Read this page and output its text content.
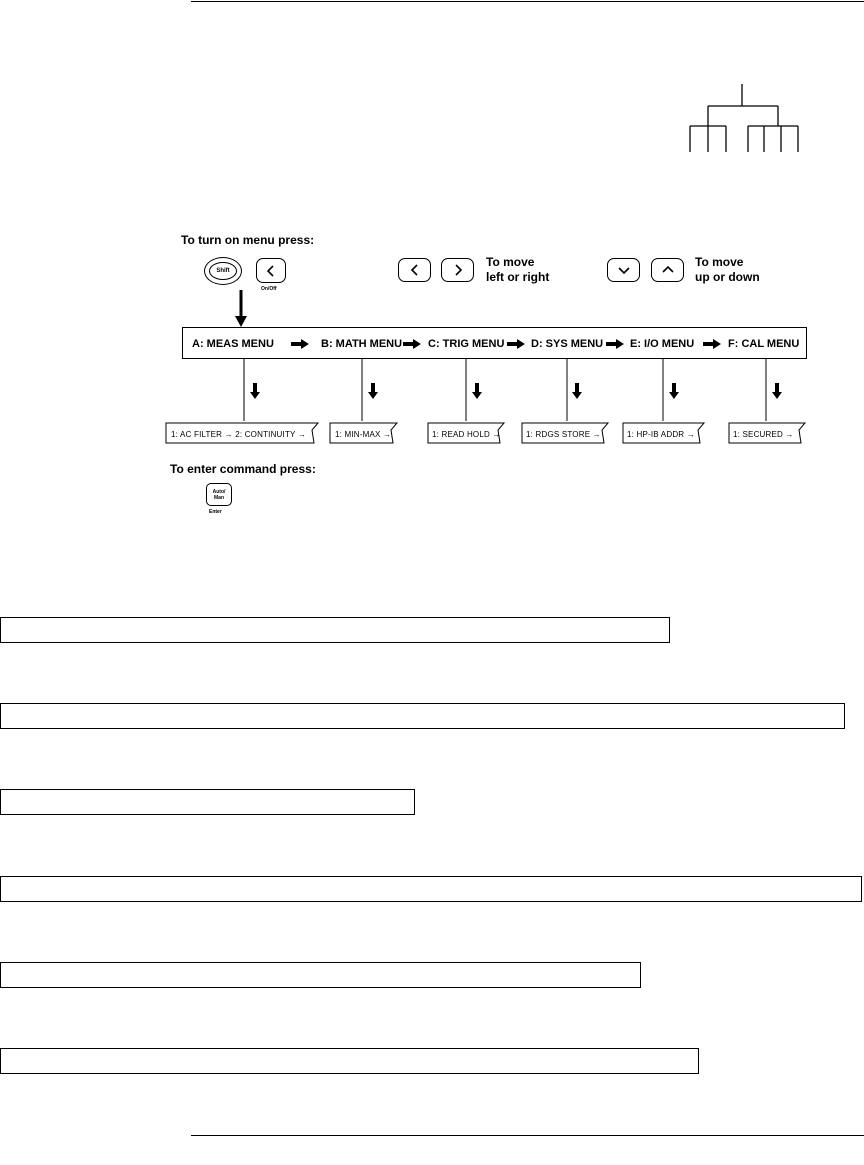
To turn on menu press:
To move
left or right
To move
up or down
To enter command press:
Shift
On/Off
A: MEAS MENU	B: MATH MENU C: TRIG MENU D: SYS MENU E: I/O MENU	F: CAL MENU
1: AC FILTER → 2: CONTINUITY →	1: MIN-MAX →	1: READ HOLD →	1: RDGS STORE →	1: HP-IB ADDR →	1: SECURED →
Auto/
Man
Enter
